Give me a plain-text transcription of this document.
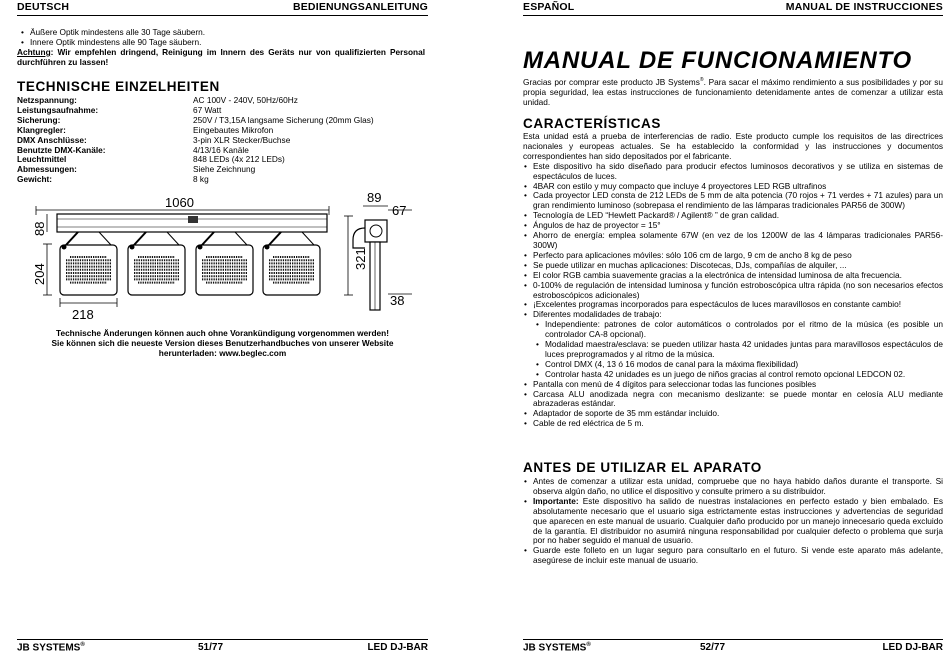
DEUTSCH	BEDIENUNGSANLEITUNG
• Äußere Optik mindestens alle 30 Tage säubern.
• Innere Optik mindestens alle 90 Tage säubern.
Achtung: Wir empfehlen dringend, Reinigung im Innern des Geräts nur von qualifizierten Personal durchführen zu lassen!
TECHNISCHE EINZELHEITEN
Netzspannung:	AC 100V - 240V, 50Hz/60Hz
Leistungsaufnahme:	67 Watt
Sicherung:	250V / T3,15A langsame Sicherung (20mm Glas)
Klangregler:	Eingebautes Mikrofon
DMX Anschlüsse:	3-pin XLR Stecker/Buchse
Benutzte DMX-Kanäle:	4/13/16 Kanäle
Leuchtmittel	848 LEDs (4x 212 LEDs)
Abmessungen:	Siehe Zeichnung
Gewicht:	8 kg
1060
88
204
218
321
89
67
38
Technische Änderungen können auch ohne Vorankündigung vorgenommen werden!
Sie können sich die neueste Version dieses Benutzerhandbuches von unserer Website
herunterladen: www.beglec.com
JB SYSTEMS®	51/77	LED DJ-BAR
ESPAÑOL	MANUAL DE INSTRUCCIONES
MANUAL DE FUNCIONAMIENTO
Gracias por comprar este producto JB Systems®. Para sacar el máximo rendimiento a sus posibilidades y por su propia seguridad, lea estas instrucciones de funcionamiento detenidamente antes de comenzar a utilizar esta unidad.
CARACTERÍSTICAS
Esta unidad está a prueba de interferencias de radio. Este producto cumple los requisitos de las directrices nacionales y europeas actuales. Se ha establecido la conformidad y las instrucciones y documentos correspondientes han sido depositados por el fabricante.
• Este dispositivo ha sido diseñado para producir efectos luminosos decorativos y se utiliza en sistemas de espectáculos de luces.
• 4BAR con estilo y muy compacto que incluye 4 proyectores LED RGB ultrafinos
• Cada proyector LED consta de 212 LEDs de 5 mm de alta potencia (70 rojos + 71 verdes + 71 azules) para un gran rendimiento luminoso (sobrepasa el rendimiento de las lámparas tradicionales PAR56 de 300W)
• Tecnología de LED “Hewlett Packard® / Agilent® ” de gran calidad.
• Ángulos de haz de proyector = 15°
• Ahorro de energía: emplea solamente 67W (en vez de los 1200W de las 4 lámparas tradicionales PAR56-300W)
• Perfecto para aplicaciones móviles: sólo 106 cm de largo, 9 cm de ancho 8 kg de peso
• Se puede utilizar en muchas aplicaciones: Discotecas, DJs, compañías de alquiler, ...
• El color RGB cambia suavemente gracias a la electrónica de intensidad luminosa de alta frecuencia.
• 0-100% de regulación de intensidad luminosa y función estroboscópica ultra rápida (no son necesarios efectos estroboscópicos adicionales)
• ¡Excelentes programas incorporados para espectáculos de luces maravillosos en constante cambio!
• Diferentes modalidades de trabajo:
• Independiente: patrones de color automáticos o controlados por el ritmo de la música (es posible un controlador CA-8 opcional).
• Modalidad maestra/esclava: se pueden utilizar hasta 42 unidades juntas para maravillosos espectáculos de luces preprogramados y al ritmo de la música.
• Control DMX (4, 13 ó 16 modos de canal para la máxima flexibilidad)
• Controlar hasta 42 unidades es un juego de niños gracias al control remoto opcional LEDCON 02.
• Pantalla con menú de 4 dígitos para seleccionar todas las funciones posibles
• Carcasa ALU anodizada negra con mecanismo deslizante: se puede montar en celosía ALU mediante abrazaderas estándar.
• Adaptador de soporte de 35 mm estándar incluido.
• Cable de red eléctrica de 5 m.
ANTES DE UTILIZAR EL APARATO
• Antes de comenzar a utilizar esta unidad, compruebe que no haya habido daños durante el transporte. Si observa algún daño, no utilice el dispositivo y consulte primero a su distribuidor.
• Importante: Este dispositivo ha salido de nuestras instalaciones en perfecto estado y bien embalado. Es absolutamente necesario que el usuario siga estrictamente estas instrucciones y advertencias de seguridad que aparecen en este manual de usuario. Cualquier daño producido por un manejo innecesario queda excluido de la garantía. El distribuidor no asumirá ninguna responsabilidad por cualquier defecto o problema que surja por no haber seguido el manual de usuario.
• Guarde este folleto en un lugar seguro para consultarlo en el futuro. Si vende este aparato más adelante, asegúrese de incluir este manual de usuario.
JB SYSTEMS®	52/77	LED DJ-BAR
